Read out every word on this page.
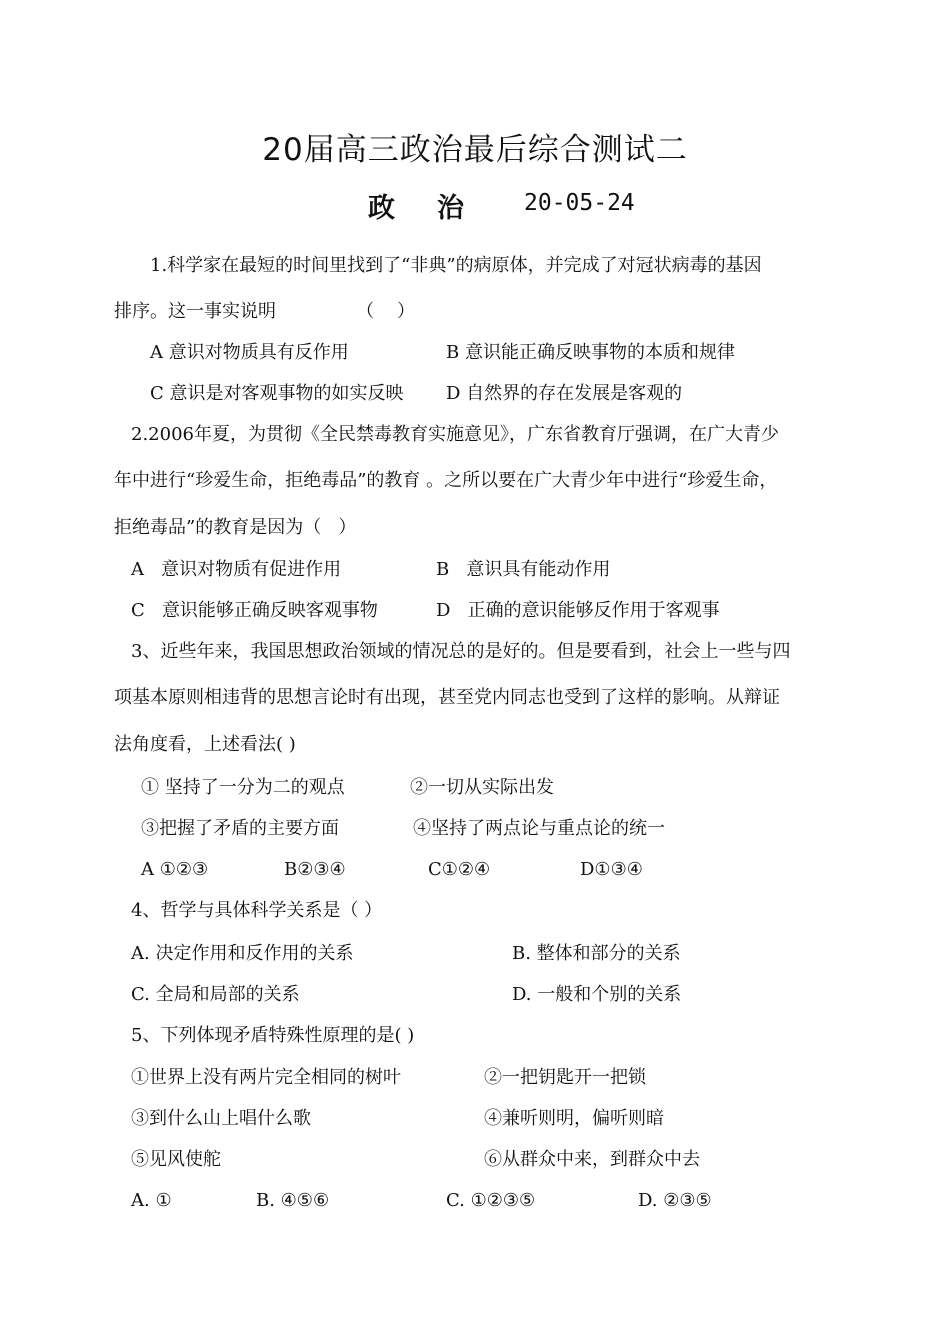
20届高三政治最后综合测试二
政治 20-05-24
1.科学家在最短的时间里找到了“非典”的病原体，并完成了对冠状病毒的基因
排序。这一事实说明              （    ）
A 意识对物质具有反作用	B 意识能正确反映事物的本质和规律
C 意识是对客观事物的如实反映 D 自然界的存在发展是客观的
2.2006年夏，为贯彻《全民禁毒教育实施意见》，广东省教育厅强调，在广大青少
年中进行“珍爱生命，拒绝毒品”的教育 。之所以要在广大青少年中进行“珍爱生命，
拒绝毒品”的教育是因为（   ）
A   意识对物质有促进作用	B   意识具有能动作用
C   意识能够正确反映客观事物	D   正确的意识能够反作用于客观事
3、近些年来，我国思想政治领域的情况总的是好的。但是要看到，社会上一些与四
项基本原则相违背的思想言论时有出现，甚至党内同志也受到了这样的影响。从辩证
法角度看，上述看法( )
① 坚持了一分为二的观点	②一切从实际出发
③把握了矛盾的主要方面	④坚持了两点论与重点论的统一
A ①②③	B②③④	C①②④	D①③④
4、哲学与具体科学关系是（ ）
A. 决定作用和反作用的关系	B. 整体和部分的关系
C. 全局和局部的关系	D. 一般和个别的关系
5、下列体现矛盾特殊性原理的是( )
①世界上没有两片完全相同的树叶	②一把钥匙开一把锁
③到什么山上唱什么歌	④兼听则明，偏听则暗
⑤见风使舵	⑥从群众中来，到群众中去
A. ①	B. ④⑤⑥	C. ①②③⑤	D. ②③⑤
